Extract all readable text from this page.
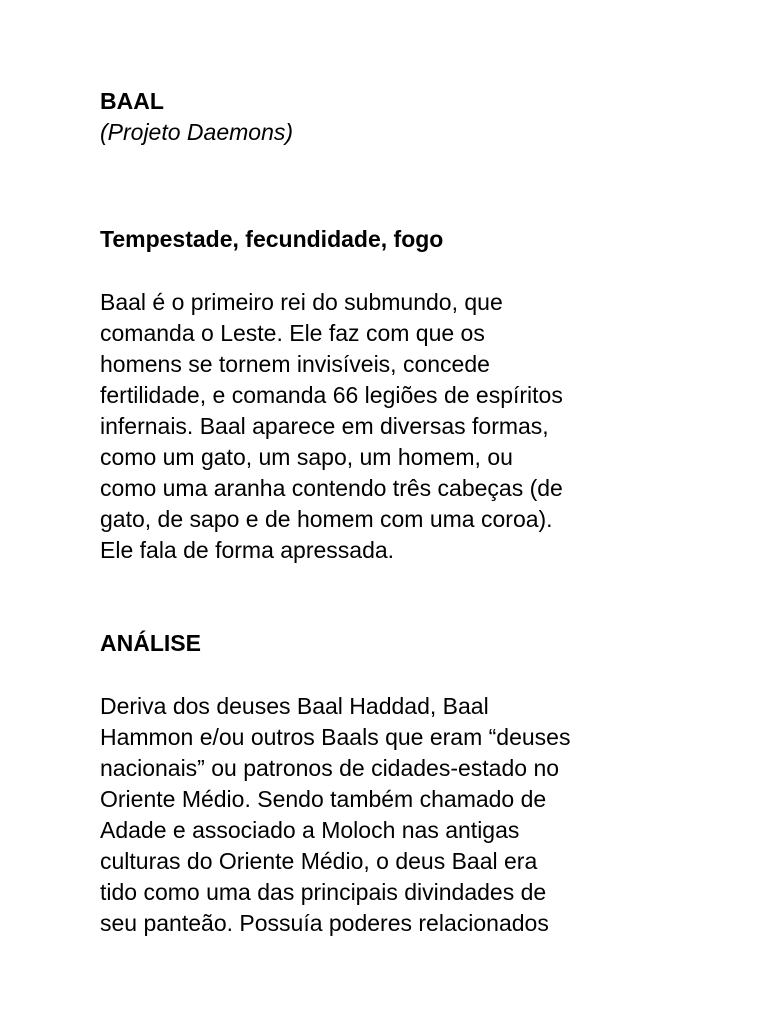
BAAL

(Projeto Daemons)

Tempestade, fecundidade, fogo

Baal é o primeiro rei do submundo, que
comanda o Leste. Ele faz com que os
homens se tornem invisíveis, concede
fertilidade, e comanda 66 legiões de espíritos
infernais. Baal aparece em diversas formas,
como um gato, um sapo, um homem, ou
como uma aranha contendo três cabeças (de
gato, de sapo e de homem com uma coroa).
Ele fala de forma apressada.

ANÁLISE

Deriva dos deuses Baal Haddad, Baal
Hammon e/ou outros Baals que eram “deuses
nacionais” ou patronos de cidades-estado no
Oriente Médio. Sendo também chamado de
Adade e associado a Moloch nas antigas
culturas do Oriente Médio, o deus Baal era
tido como uma das principais divindades de
seu panteão. Possuía poderes relacionados
